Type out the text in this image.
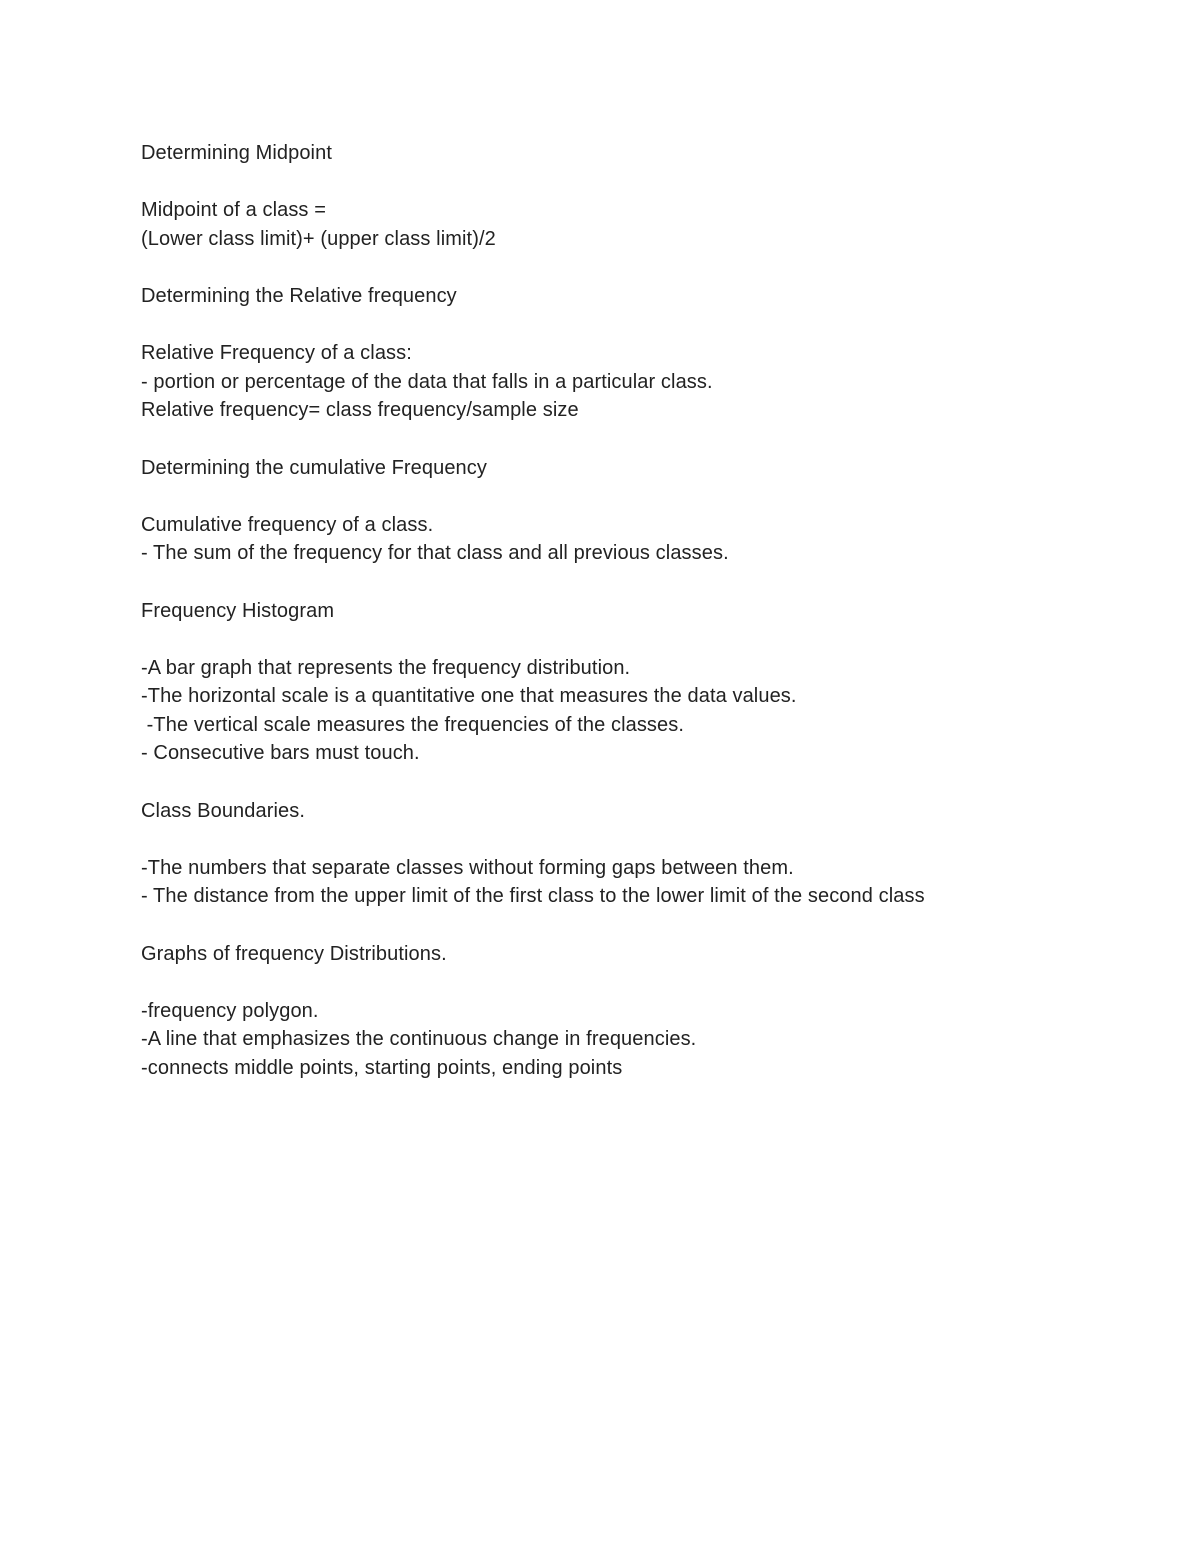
Determining Midpoint
Midpoint of a class =
(Lower class limit)+ (upper class limit)/2
Determining the Relative frequency
Relative Frequency of a class:
- portion or percentage of the data that falls in a particular class.
Relative frequency= class frequency/sample size
Determining the cumulative Frequency
Cumulative frequency of a class.
- The sum of the frequency for that class and all previous classes.
Frequency Histogram
-A bar graph that represents the frequency distribution.
-The horizontal scale is a quantitative one that measures the data values.
-The vertical scale measures the frequencies of the classes.
- Consecutive bars must touch.
Class Boundaries.
-The numbers that separate classes without forming gaps between them.
- The distance from the upper limit of the first class to the lower limit of the second class
Graphs of frequency Distributions.
-frequency polygon.
-A line that emphasizes the continuous change in frequencies.
-connects middle points, starting points, ending points
